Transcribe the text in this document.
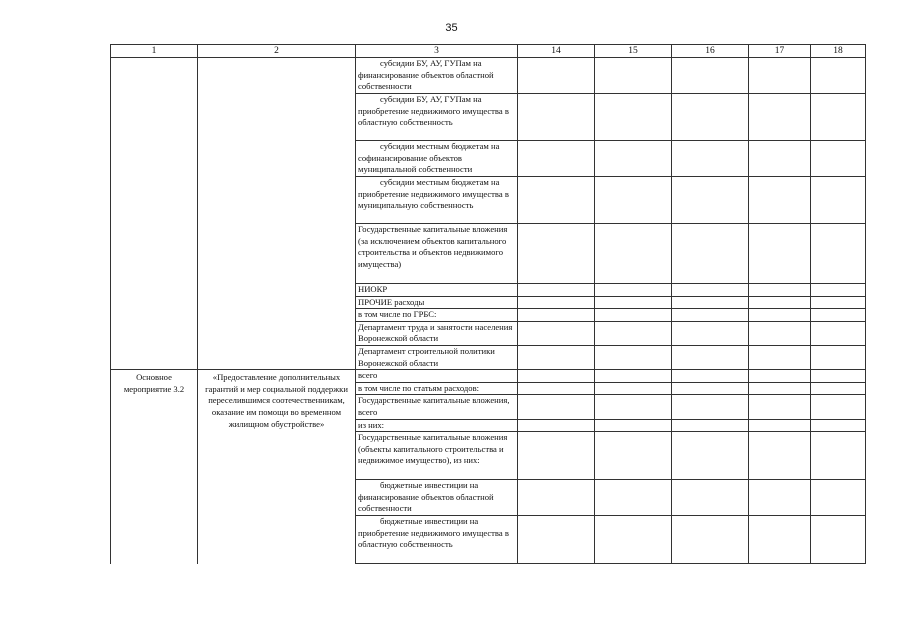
35
1	2	3	14	15	16	17	18
		субсидии БУ, АУ, ГУПам на финансирование объектов областной собственности					
		субсидии БУ, АУ, ГУПам на приобретение недвижимого имущества в областную собственность					
		субсидии местным бюджетам на софинансирование объектов муниципальной собственности					
		субсидии местным бюджетам на приобретение недвижимого имущества в муниципальную собственность					
		Государственные капитальные вложения (за исключением объектов капитального строительства и объектов недвижимого имущества)					
		НИОКР					
		ПРОЧИЕ расходы					
		в том числе по ГРБС:					
		Департамент труда и занятости населения Воронежской области					
		Департамент строительной политики Воронежской области					
Основное мероприятие 3.2	«Предоставление дополнительных гарантий и мер социальной поддержки переселившимся соотечественникам, оказание им помощи во временном жилищном обустройстве»	всего					
		в том числе по статьям расходов:					
		Государственные капитальные вложения, всего					
		из них:					
		Государственные капитальные вложения (объекты капитального строительства и недвижимое имущество), из них:					
		бюджетные инвестиции на финансирование объектов областной собственности					
		бюджетные инвестиции на приобретение недвижимого имущества в областную собственность					
